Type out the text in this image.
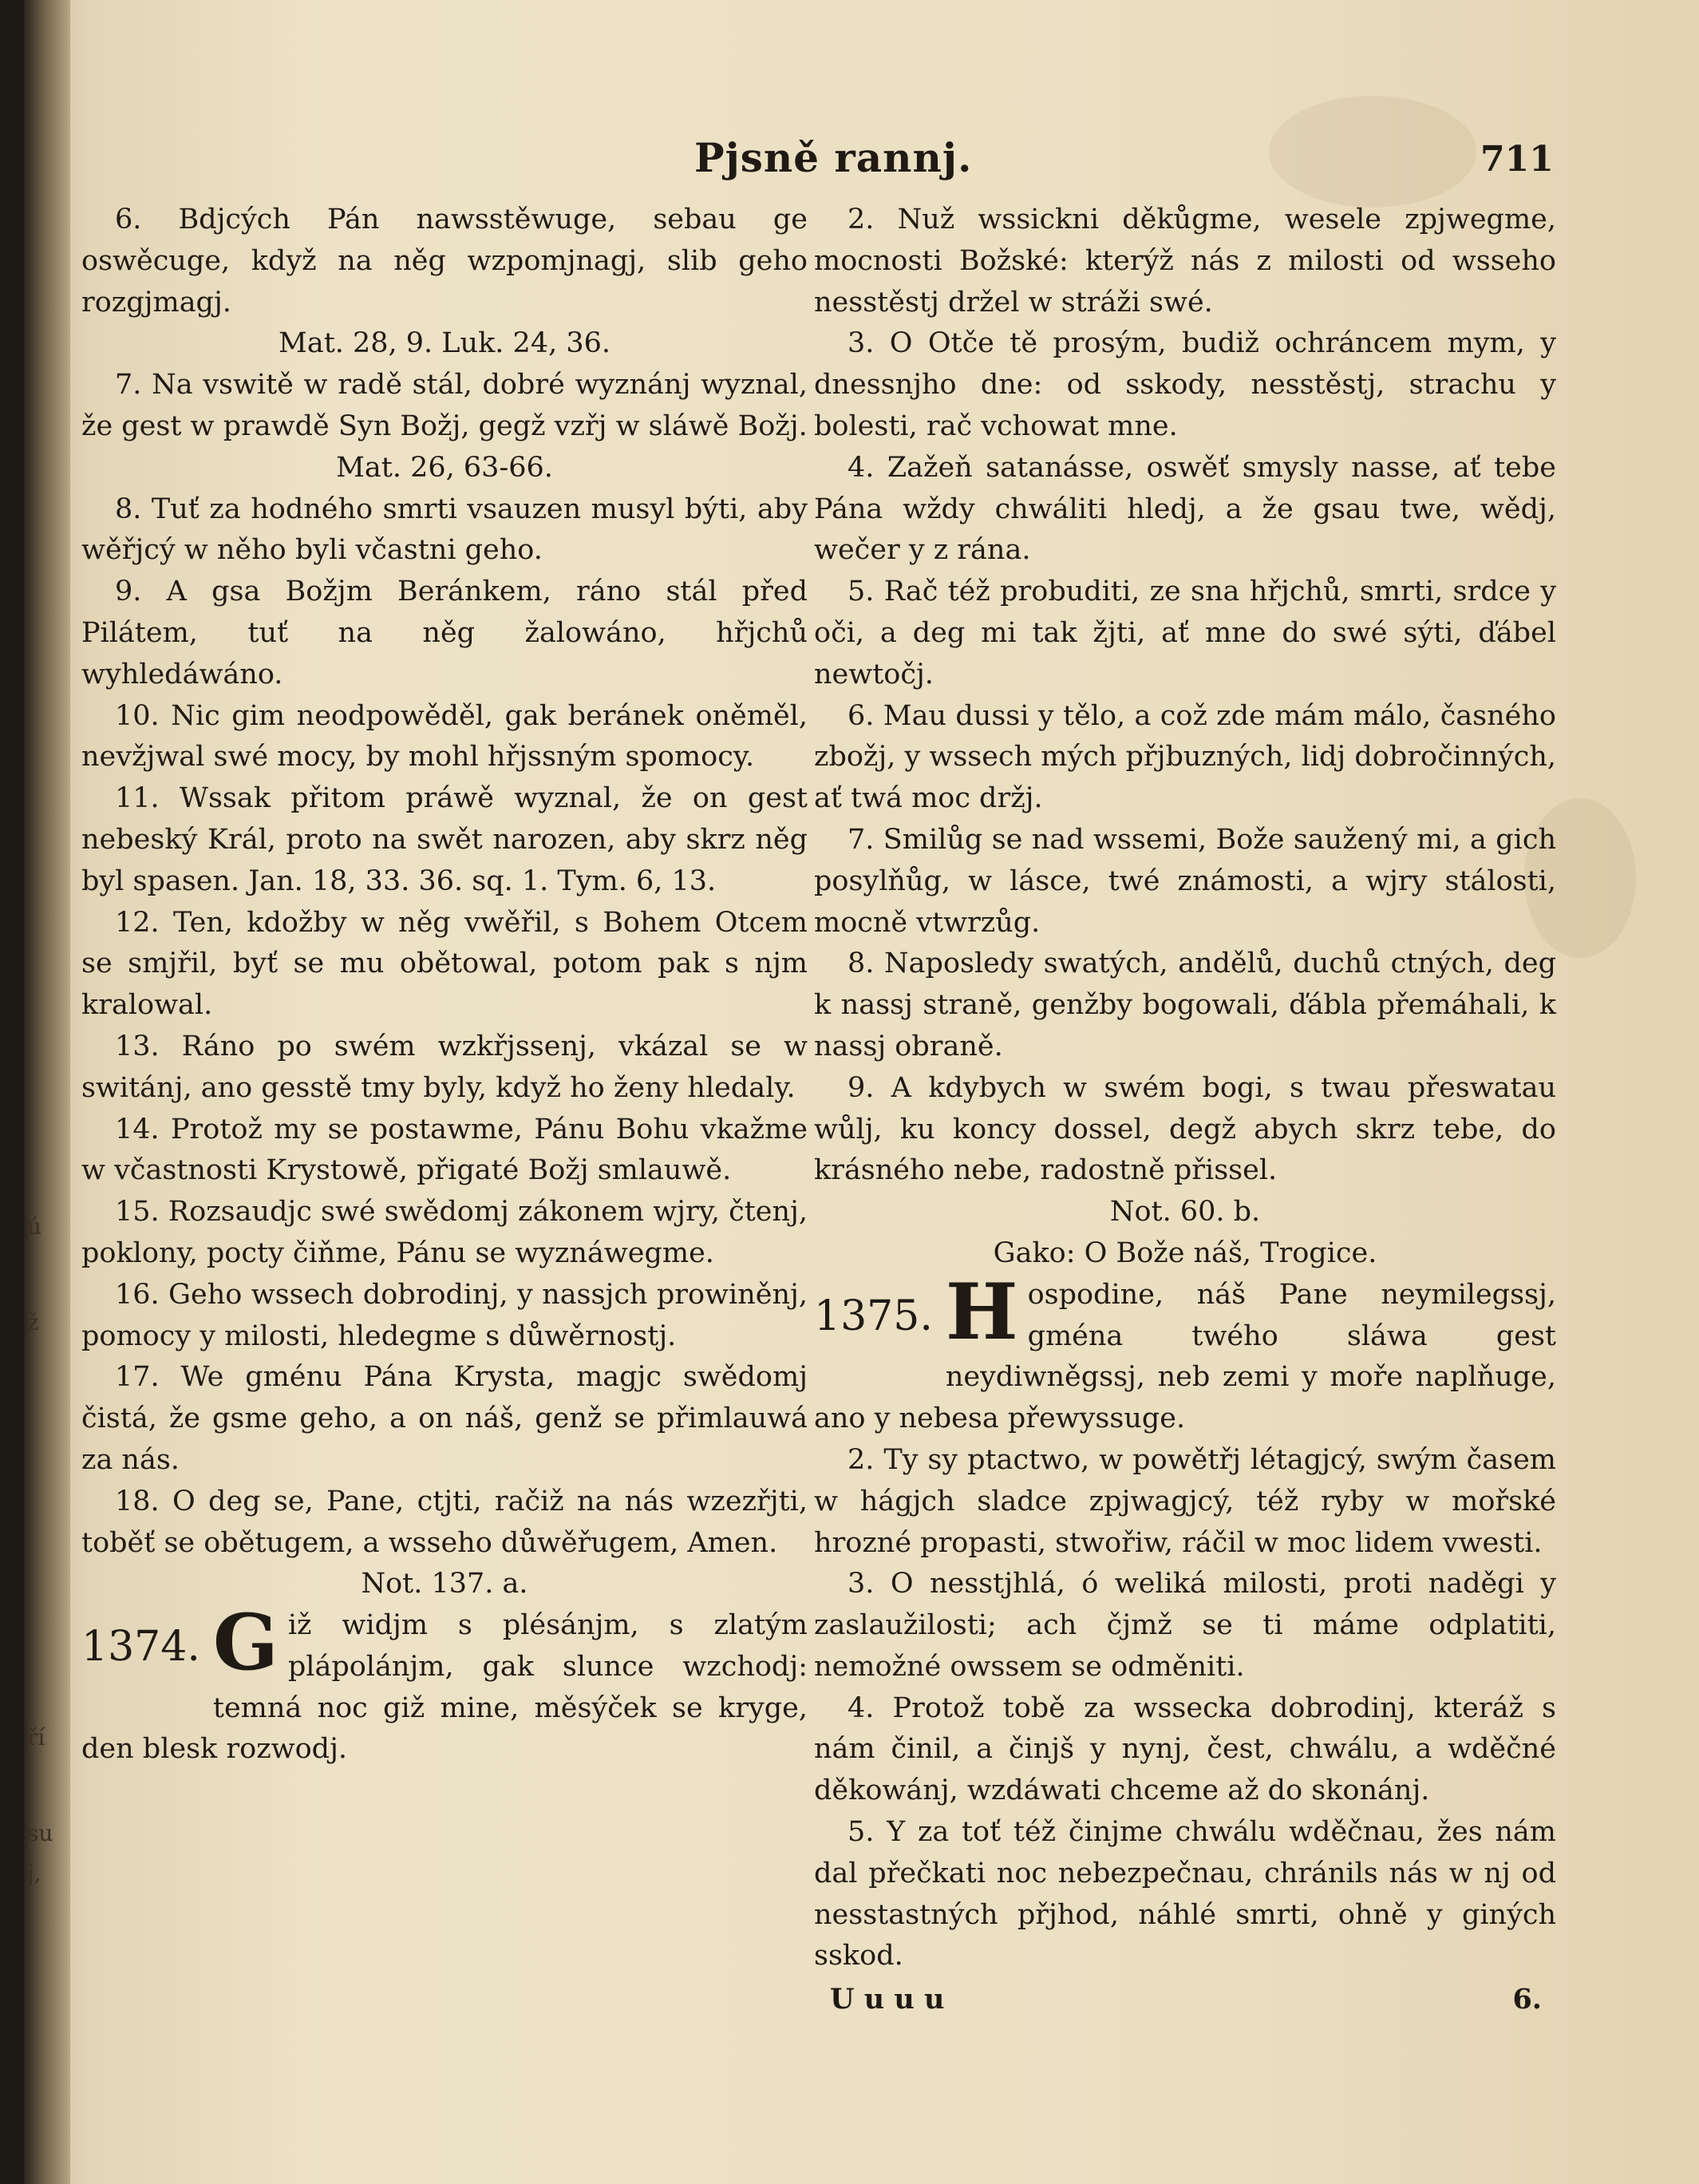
ú
ž
ří
su
j,
Pjsně rannj.	711

6. Bdjcých Pán nawsstěwuge, sebau ge oswěcuge, když na něg wzpomjnagj, slib geho rozgjmagj.

Mat. 28, 9. Luk. 24, 36.

7. Na vswitě w radě stál, dobré wyznánj wyznal, že gest w prawdě Syn Božj, gegž vzřj w sláwě Božj.

Mat. 26, 63-66.

8. Tuť za hodného smrti vsauzen musyl býti, aby wěřjcý w něho byli včastni geho.

9. A gsa Božjm Beránkem, ráno stál před Pilátem, tuť na něg žalowáno, hřjchů wyhledáwáno.

10. Nic gim neodpowěděl, gak beránek oněměl, nevžjwal swé mocy, by mohl hřjssným spomocy.

11. Wssak přitom práwě wyznal, že on gest nebeský Král, proto na swět narozen, aby skrz něg byl spasen. Jan. 18, 33. 36. sq. 1. Tym. 6, 13.

12. Ten, kdožby w něg vwěřil, s Bohem Otcem se smjřil, byť se mu obětowal, potom pak s njm kralowal.

13. Ráno po swém wzkřjssenj, vkázal se w switánj, ano gesstě tmy byly, když ho ženy hledaly.

14. Protož my se postawme, Pánu Bohu vkažme w včastnosti Krystowě, přigaté Božj smlauwě.

15. Rozsaudjc swé swědomj zákonem wjry, čtenj, poklony, pocty čiňme, Pánu se wyznáwegme.

16. Geho wssech dobrodinj, y nassjch prowiněnj, pomocy y milosti, hledegme s důwěrnostj.

17. We gménu Pána Krysta, magjc swědomj čistá, že gsme geho, a on náš, genž se přimlauwá za nás.

18. O deg se, Pane, ctjti, račiž na nás wzezřjti, toběť se obětugem, a wsseho důwěřugem, Amen.

Not. 137. a.

1374. G iž widjm s plésánjm, s zlatým plápolánjm, gak slunce wzchodj: temná noc giž mine, měsýček se kryge, den blesk rozwodj.

2. Nuž wssickni děkůgme, wesele zpjwegme, mocnosti Božské: kterýž nás z milosti od wsseho nesstěstj držel w stráži swé.

3. O Otče tě prosým, budiž ochráncem mym, y dnessnjho dne: od sskody, nesstěstj, strachu y bolesti, rač vchowat mne.

4. Zažeň satanásse, oswěť smysly nasse, ať tebe Pána wždy chwáliti hledj, a že gsau twe, wědj, wečer y z rána.

5. Rač též probuditi, ze sna hřjchů, smrti, srdce y oči, a deg mi tak žjti, ať mne do swé sýti, ďábel newtočj.

6. Mau dussi y tělo, a což zde mám málo, časného zbožj, y wssech mých přjbuzných, lidj dobročinných, ať twá moc držj.

7. Smilůg se nad wssemi, Bože saužený mi, a gich posylňůg, w lásce, twé známosti, a wjry stálosti, mocně vtwrzůg.

8. Naposledy swatých, andělů, duchů ctných, deg k nassj straně, genžby bogowali, ďábla přemáhali, k nassj obraně.

9. A kdybych w swém bogi, s twau přeswatau wůlj, ku koncy dossel, degž abych skrz tebe, do krásného nebe, radostně přissel.

Not. 60. b.

Gako: O Bože náš, Trogice.

1375. H ospodine, náš Pane neymilegssj, gména twého sláwa gest neydiwněgssj, neb zemi y moře naplňuge, ano y nebesa přewyssuge.

2. Ty sy ptactwo, w powětřj létagjcý, swým časem w hágjch sladce zpjwagjcý, též ryby w mořské hrozné propasti, stwořiw, ráčil w moc lidem vwesti.

3. O nesstjhlá, ó weliká milosti, proti naděgi y zaslaužilosti; ach čjmž se ti máme odplatiti, nemožné owssem se odměniti.

4. Protož tobě za wssecka dobrodinj, kteráž s nám činil, a činjš y nynj, čest, chwálu, a wděčné děkowánj, wzdáwati chceme až do skonánj.

5. Y za toť též činjme chwálu wděčnau, žes nám dal přečkati noc nebezpečnau, chránils nás w nj od nesstastných přjhod, náhlé smrti, ohně y giných sskod.

U u u u	6.
